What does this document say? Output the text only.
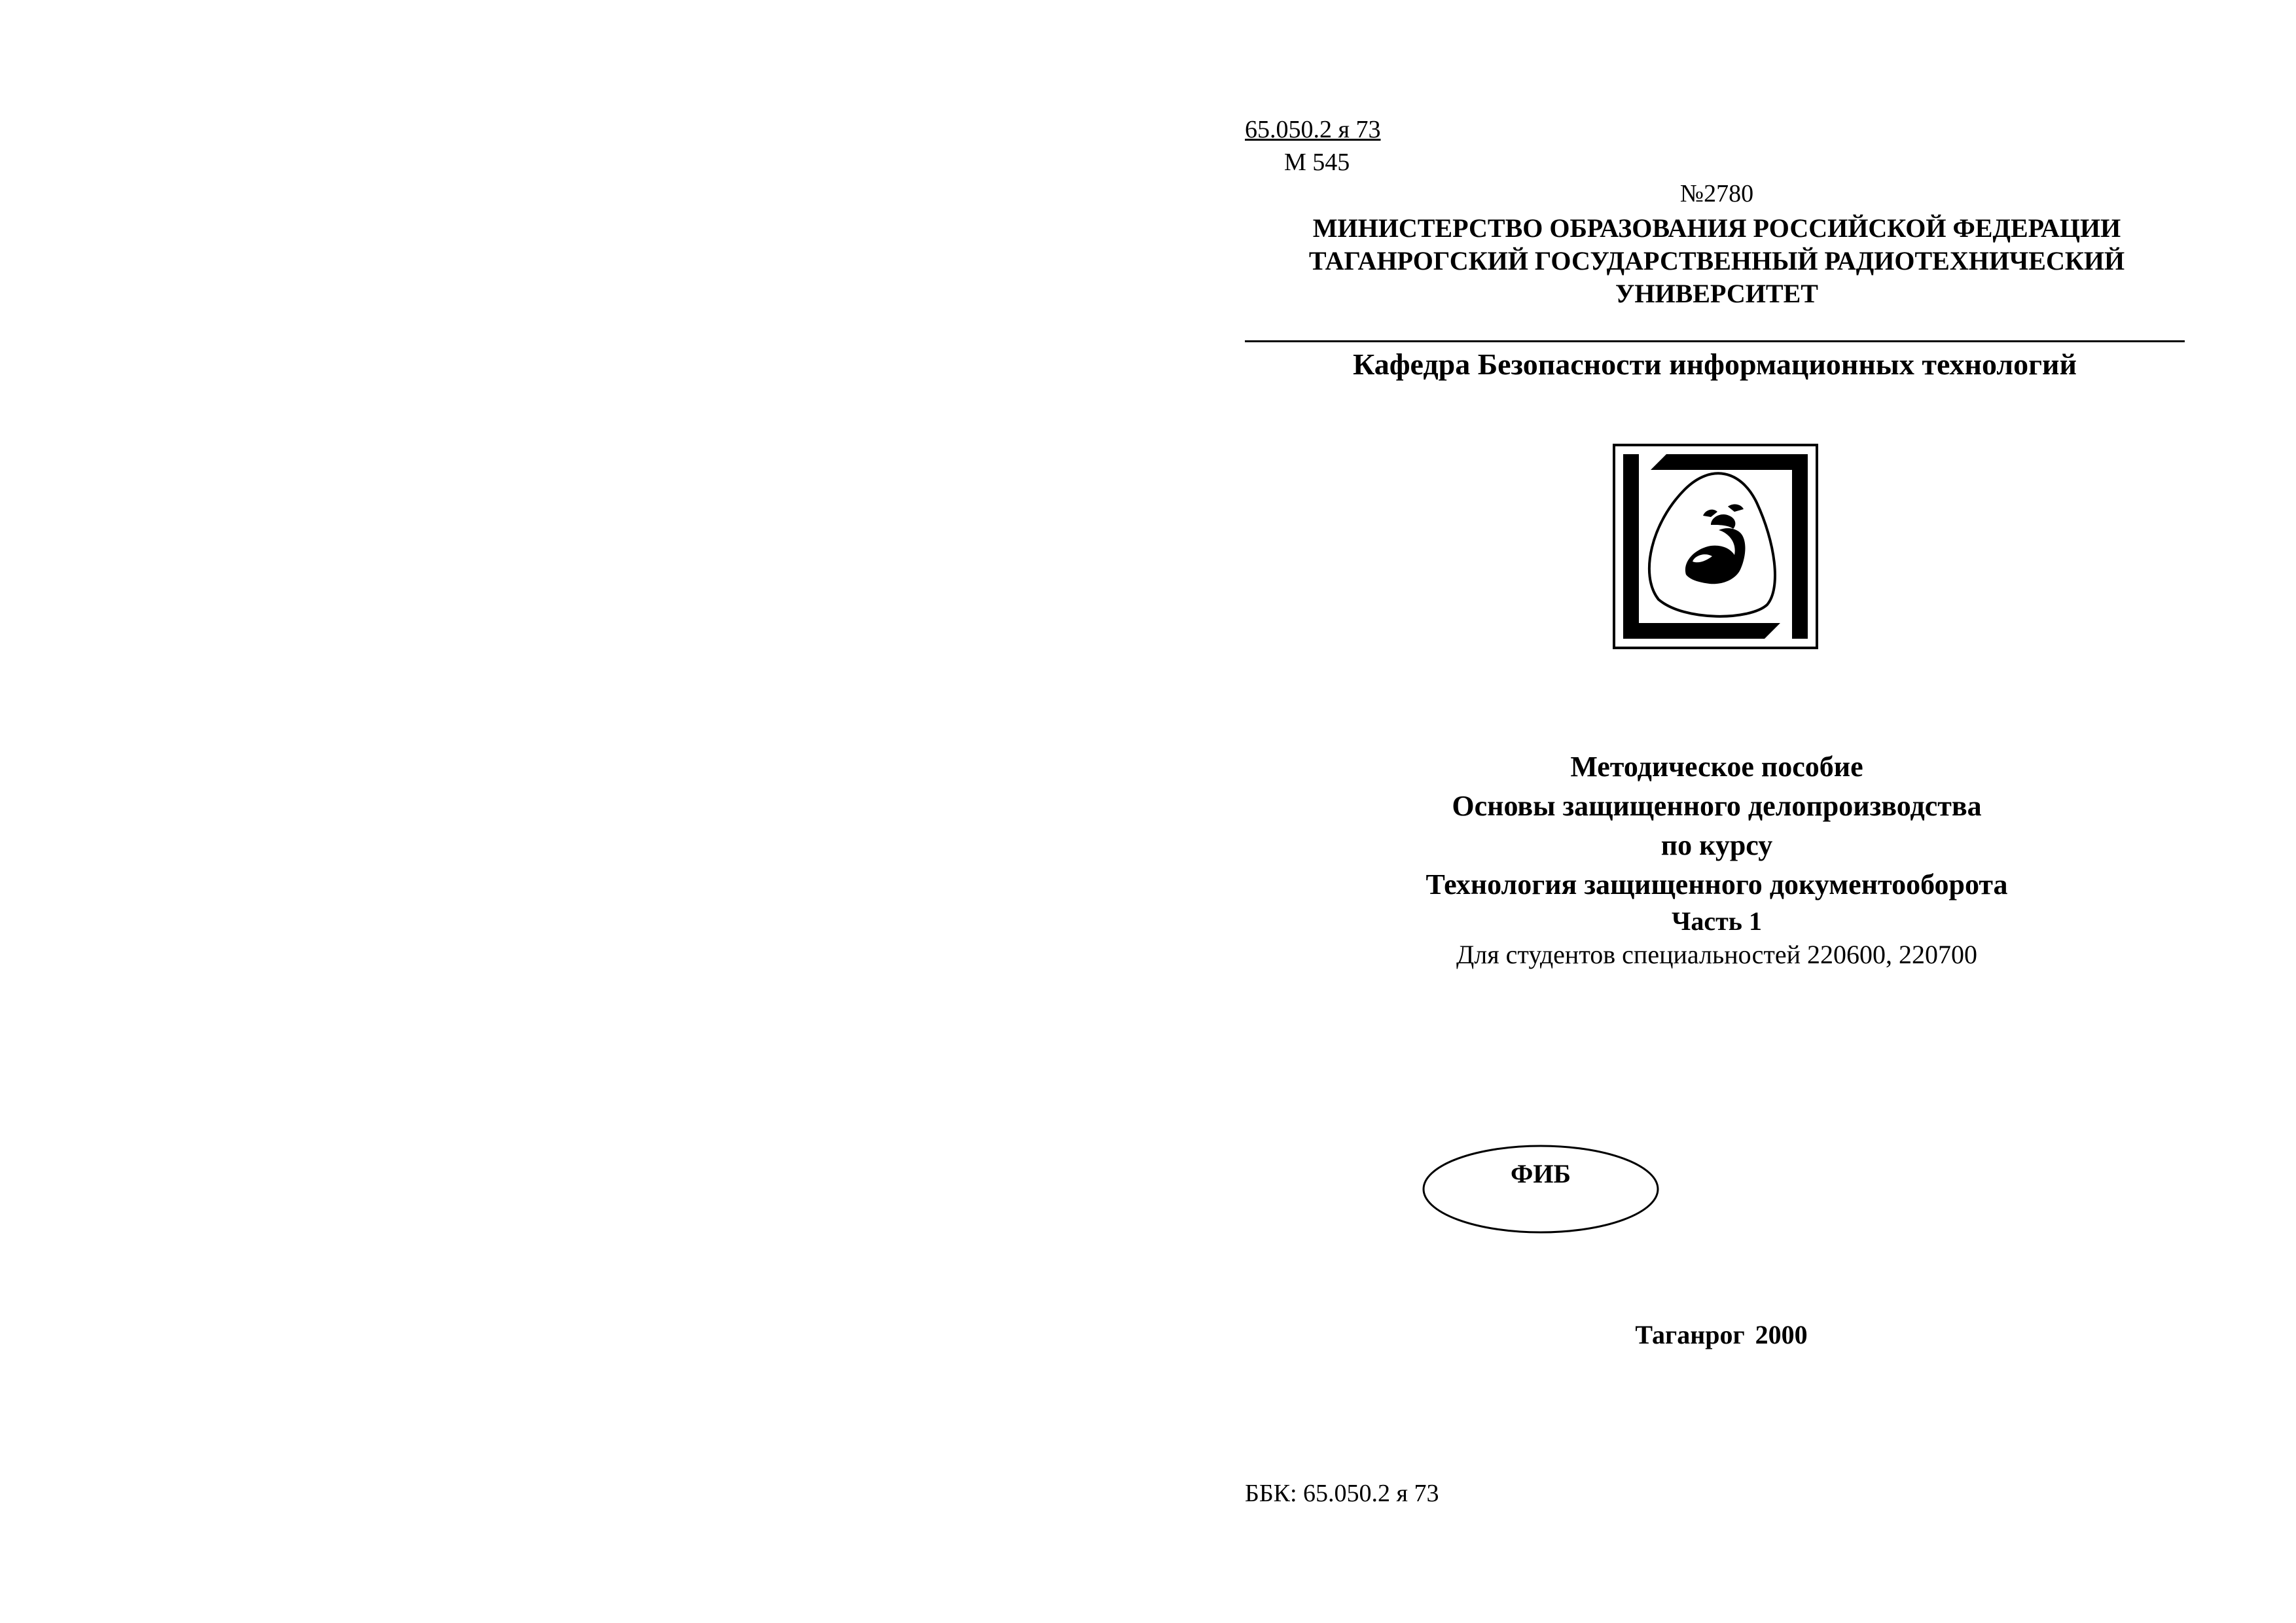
65.050.2 я 73
М 545
№2780
МИНИСТЕРСТВО ОБРАЗОВАНИЯ РОССИЙСКОЙ ФЕДЕРАЦИИ
ТАГАНРОГСКИЙ ГОСУДАРСТВЕННЫЙ РАДИОТЕХНИЧЕСКИЙ УНИВЕРСИТЕТ
Кафедра Безопасности информационных технологий
Методическое пособие
Основы защищенного делопроизводства
по курсу
Технология защищенного документооборота
Часть 1
Для студентов специальностей 220600, 220700
ФИБ
Таганрог 2000
ББК: 65.050.2 я 73
